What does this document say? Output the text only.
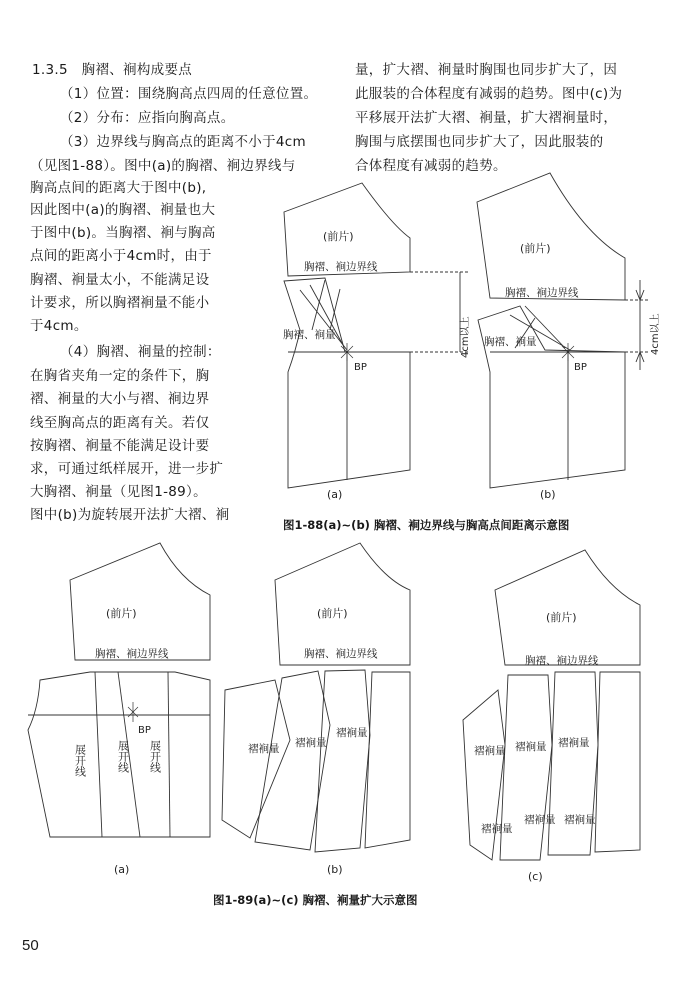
1.3.5　胸褶、裥构成要点
（1）位置：围绕胸高点四周的任意位置。
（2）分布：应指向胸高点。
（3）边界线与胸高点的距离不小于4cm
（见图1-88）。图中(a)的胸褶、裥边界线与
胸高点间的距离大于图中(b),
因此图中(a)的胸褶、裥量也大
于图中(b)。当胸褶、裥与胸高
点间的距离小于4cm时，由于
胸褶、裥量太小，不能满足设
计要求，所以胸褶裥量不能小
于4cm。
（4）胸褶、裥量的控制：
在胸省夹角一定的条件下，胸
褶、裥量的大小与褶、裥边界
线至胸高点的距离有关。若仅
按胸褶、裥量不能满足设计要
求，可通过纸样展开，进一步扩
大胸褶、裥量（见图1-89）。
图中(b)为旋转展开法扩大褶、裥
量，扩大褶、裥量时胸围也同步扩大了，因
此服装的合体程度有减弱的趋势。图中(c)为
平移展开法扩大褶、裥量，扩大褶裥量时，
胸围与底摆围也同步扩大了，因此服装的
合体程度有减弱的趋势。
(前片)
胸褶、裥边界线
胸褶、裥量
BP
4cm以上
(a)
(前片)
胸褶、裥边界线
胸褶、裥量
BP
4cm以上
(b)
(前片)
胸褶、裥边界线
BP
展开线	展开线 展开线
(a)
(前片)
胸褶、裥边界线
褶裥量 褶裥量
褶裥量
(b)
(前片)
胸褶、裥边界线
褶裥量 褶裥量 褶裥量
褶裥量
褶裥量 褶裥量
(c)
图1-88(a)~(b) 胸褶、裥边界线与胸高点间距离示意图
图1-89(a)~(c) 胸褶、裥量扩大示意图
50
